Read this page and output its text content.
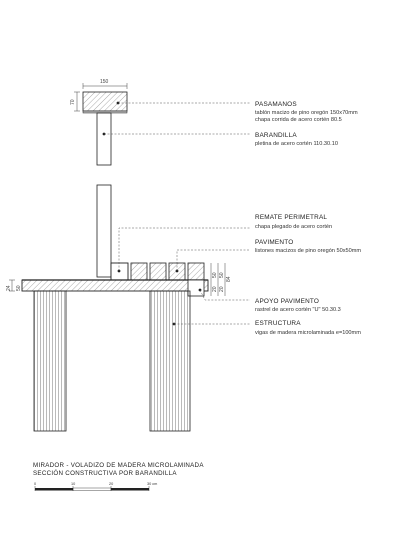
150
70
24 50
50
20
50
20
84
PASAMANOS
tablón macizo de pino oregón 150x70mm
chapa corrida de acero cortén 80.5
BARANDILLA
pletina de acero cortén 110.30.10
REMATE PERIMETRAL
chapa plegado de acero cortén
PAVIMENTO
listones macizos de pino oregón 50x50mm
APOYO PAVIMENTO
rastrel de acero cortén "U" 50.30.3
ESTRUCTURA
vigas de madera microlaminada e=100mm
MIRADOR - VOLADIZO DE MADERA MICROLAMINADA
SECCIÓN CONSTRUCTIVA POR BARANDILLA
0	10	20	30 cm
